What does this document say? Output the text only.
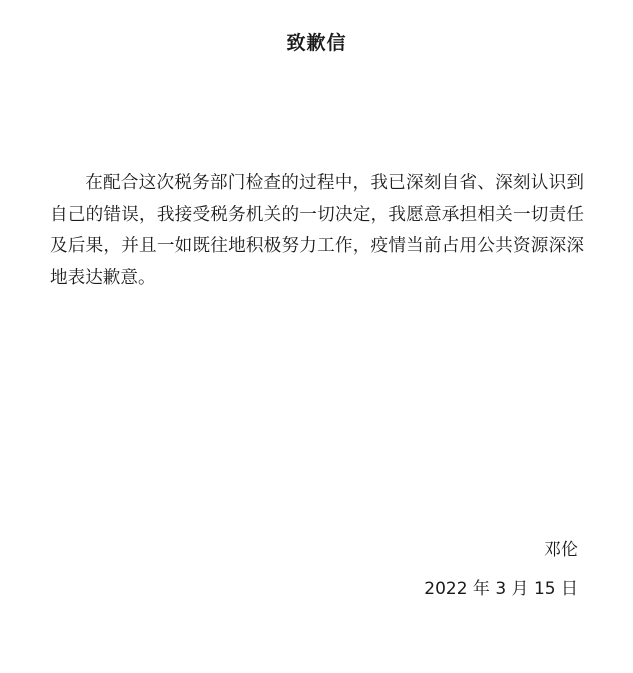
致歉信
在配合这次税务部门检查的过程中，我已深刻自省、深刻认识到自己的错误，我接受税务机关的一切决定，我愿意承担相关一切责任及后果，并且一如既往地积极努力工作，疫情当前占用公共资源深深地表达歉意。
邓伦
2022 年 3 月 15 日
